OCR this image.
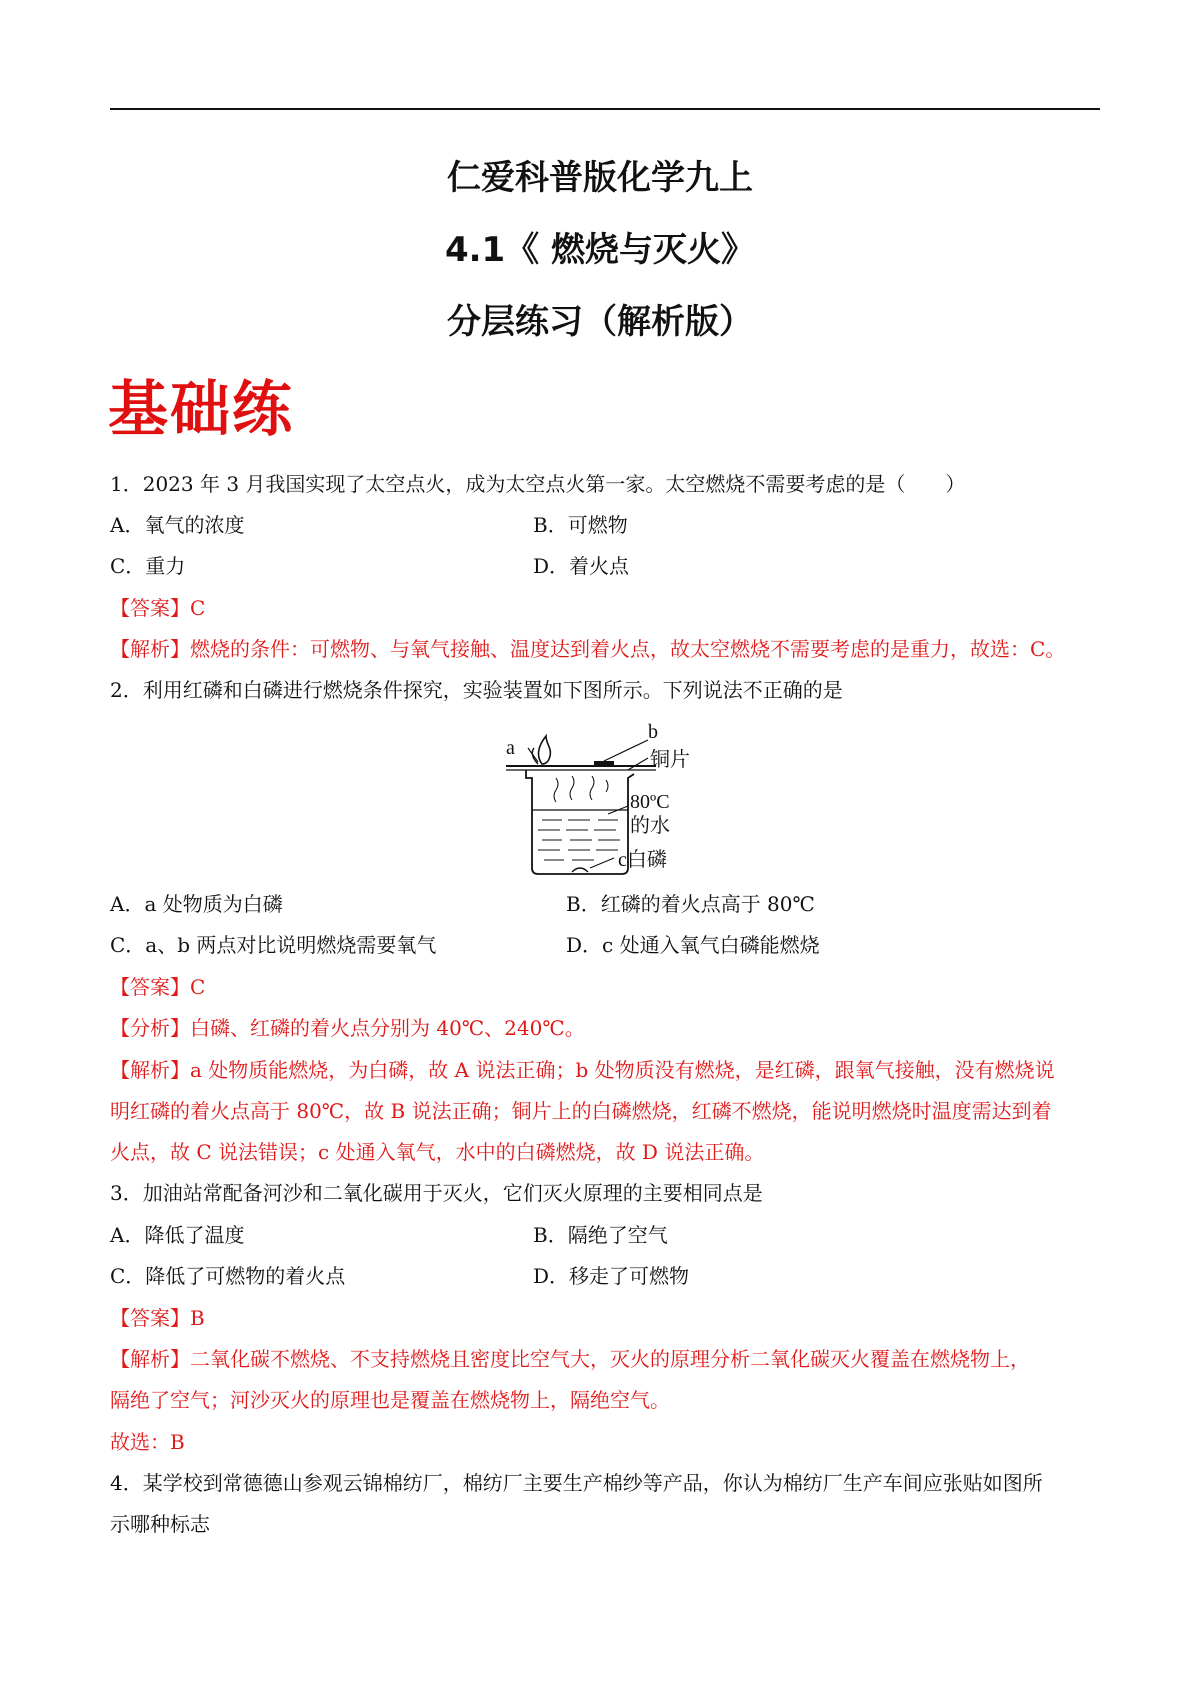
仁爱科普版化学九上
4.1《 燃烧与灭火》
分层练习（解析版）
基础练
1．2023 年 3 月我国实现了太空点火，成为太空点火第一家。太空燃烧不需要考虑的是（　　）
A．氧气的浓度	B．可燃物
C．重力	D．着火点
【答案】C
【解析】燃烧的条件：可燃物、与氧气接触、温度达到着火点，故太空燃烧不需要考虑的是重力，故选：C。
2．利用红磷和白磷进行燃烧条件探究，实验装置如下图所示。下列说法不正确的是
a
b
铜片
80ºC
的水
c白磷
A．a 处物质为白磷	B．红磷的着火点高于 80℃
C．a、b 两点对比说明燃烧需要氧气	D．c 处通入氧气白磷能燃烧
【答案】C
【分析】白磷、红磷的着火点分别为 40℃、240℃。
【解析】a 处物质能燃烧，为白磷，故 A 说法正确；b 处物质没有燃烧，是红磷，跟氧气接触，没有燃烧说
明红磷的着火点高于 80℃，故 B 说法正确；铜片上的白磷燃烧，红磷不燃烧，能说明燃烧时温度需达到着
火点，故 C 说法错误；c 处通入氧气，水中的白磷燃烧，故 D 说法正确。
3．加油站常配备河沙和二氧化碳用于灭火，它们灭火原理的主要相同点是
A．降低了温度	B．隔绝了空气
C．降低了可燃物的着火点	D．移走了可燃物
【答案】B
【解析】二氧化碳不燃烧、不支持燃烧且密度比空气大，灭火的原理分析二氧化碳灭火覆盖在燃烧物上，
隔绝了空气；河沙灭火的原理也是覆盖在燃烧物上，隔绝空气。
故选：B
4．某学校到常德德山参观云锦棉纺厂，棉纺厂主要生产棉纱等产品，你认为棉纺厂生产车间应张贴如图所
示哪种标志
